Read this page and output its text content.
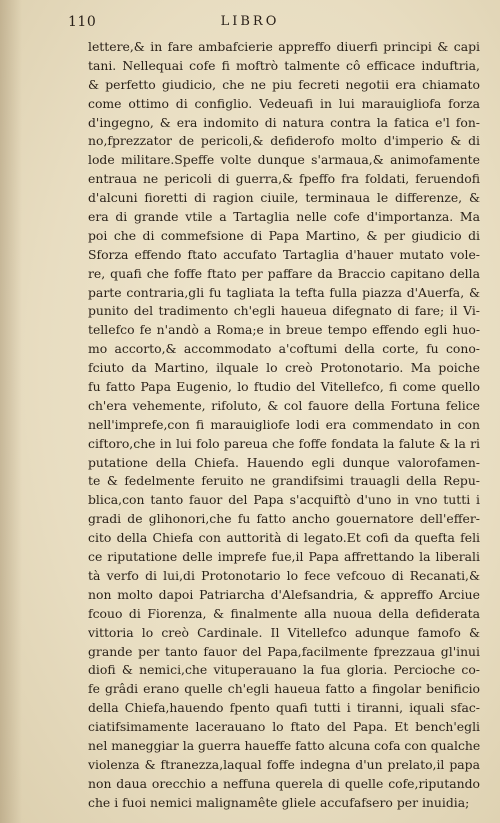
110	LIBRO
lettere,& in fare ambafcierie appreffo diuerfi principi & capi
tani. Nellequai cofe fi moftrò talmente cô efficace induftria,
& perfetto giudicio, che ne piu fecreti negotii era chiamato
come ottimo di configlio. Vedeuafi in lui marauigliofa forza
d'ingegno, & era indomito di natura contra la fatica e'l fon-
no,fprezzator de pericoli,& defiderofo molto d'imperio & di
lode militare.Speffe volte dunque s'armaua,& animofamente
entraua ne pericoli di guerra,& fpeffo fra foldati, feruendofi
d'alcuni fioretti di ragion ciuile, terminaua le differenze, &
era di grande vtile a Tartaglia nelle cofe d'importanza. Ma
poi che di commefsione di Papa Martino, & per giudicio di
Sforza effendo ftato accufato Tartaglia d'hauer mutato vole-
re, quafi che foffe ftato per paffare da Braccio capitano della
parte contraria,gli fu tagliata la tefta fulla piazza d'Auerfa, &
punito del tradimento ch'egli haueua difegnato di fare; il Vi-
tellefco fe n'andò a Roma;e in breue tempo effendo egli huo-
mo accorto,& accommodato a'coftumi della corte, fu cono-
fciuto da Martino, ilquale lo creò Protonotario. Ma poiche
fu fatto Papa Eugenio, lo ftudio del Vitellefco, fi come quello
ch'era vehemente, rifoluto, & col fauore della Fortuna felice
nell'imprefe,con fi marauigliofe lodi era commendato in con
ciftoro,che in lui folo pareua che foffe fondata la falute & la ri
putatione della Chiefa. Hauendo egli dunque valorofamen-
te & fedelmente feruito ne grandifsimi trauagli della Repu-
blica,con tanto fauor del Papa s'acquiftò d'uno in vno tutti i
gradi de glihonori,che fu fatto ancho gouernatore dell'effer-
cito della Chiefa con auttorità di legato.Et cofi da quefta feli
ce riputatione delle imprefe fue,il Papa affrettando la liberali
tà verfo di lui,di Protonotario lo fece vefcouo di Recanati,&
non molto dapoi Patriarcha d'Alefsandria, & appreffo Arciue
fcouo di Fiorenza, & finalmente alla nuoua della defiderata
vittoria lo creò Cardinale. Il Vitellefco adunque famofo &
grande per tanto fauor del Papa,facilmente fprezzaua gl'inui
diofi & nemici,che vituperauano la fua gloria. Percioche co-
fe grâdi erano quelle ch'egli haueua fatto a fingolar benificio
della Chiefa,hauendo fpento quafi tutti i tiranni, iquali sfac-
ciatifsimamente lacerauano lo ftato del Papa. Et bench'egli
nel maneggiar la guerra haueffe fatto alcuna cofa con qualche
violenza & ftranezza,laqual foffe indegna d'un prelato,il papa
non daua orecchio a neffuna querela di quelle cofe,riputando
che i fuoi nemici malignamête gliele accufafsero per inuidia;
